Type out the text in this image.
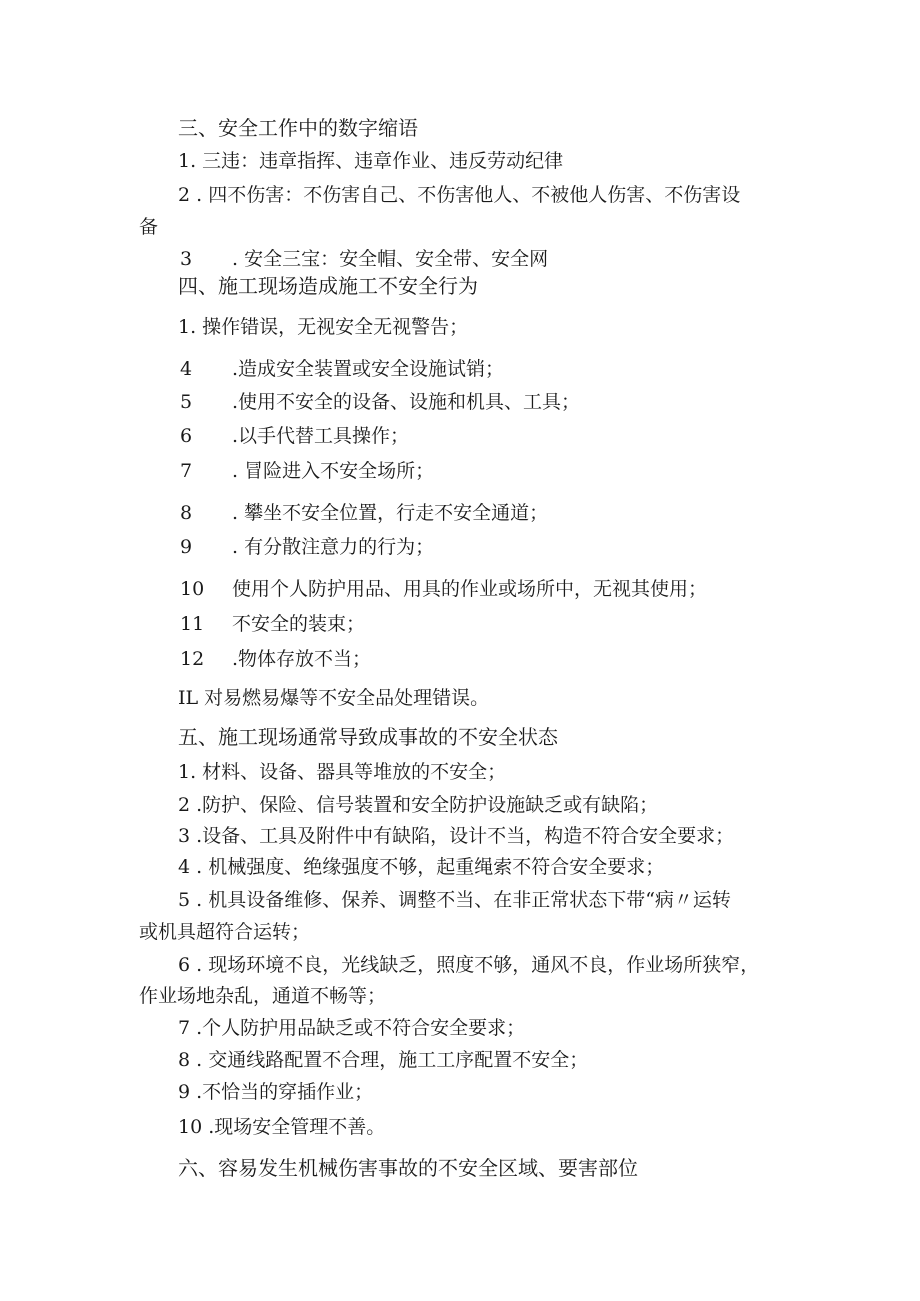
三、安全工作中的数字缩语

1. 三违：违章指挥、违章作业、违反劳动纪律

2 . 四不伤害：不伤害自己、不伤害他人、不被他人伤害、不伤害设

备

3 . 安全三宝：安全帽、安全带、安全网

四、施工现场造成施工不安全行为

1. 操作错误，无视安全无视警告；

4 .造成安全装置或安全设施试销；

5 .使用不安全的设备、设施和机具、工具；

6 .以手代替工具操作；

7 . 冒险进入不安全场所；

8 . 攀坐不安全位置，行走不安全通道；

9 . 有分散注意力的行为；

10 使用个人防护用品、用具的作业或场所中，无视其使用；

11 不安全的装束；

12 .物体存放不当；

IL 对易燃易爆等不安全品处理错误。

五、施工现场通常导致成事故的不安全状态

1. 材料、设备、器具等堆放的不安全；

2 .防护、保险、信号装置和安全防护设施缺乏或有缺陷；

3 .设备、工具及附件中有缺陷，设计不当，构造不符合安全要求；

4 . 机械强度、绝缘强度不够，起重绳索不符合安全要求；

5 . 机具设备维修、保养、调整不当、在非正常状态下带“病〃运转

或机具超符合运转；

6 . 现场环境不良，光线缺乏，照度不够，通风不良，作业场所狭窄，

作业场地杂乱，通道不畅等；

7 .个人防护用品缺乏或不符合安全要求；

8 . 交通线路配置不合理，施工工序配置不安全；

9 .不恰当的穿插作业；

10 .现场安全管理不善。

六、容易发生机械伤害事故的不安全区域、要害部位
